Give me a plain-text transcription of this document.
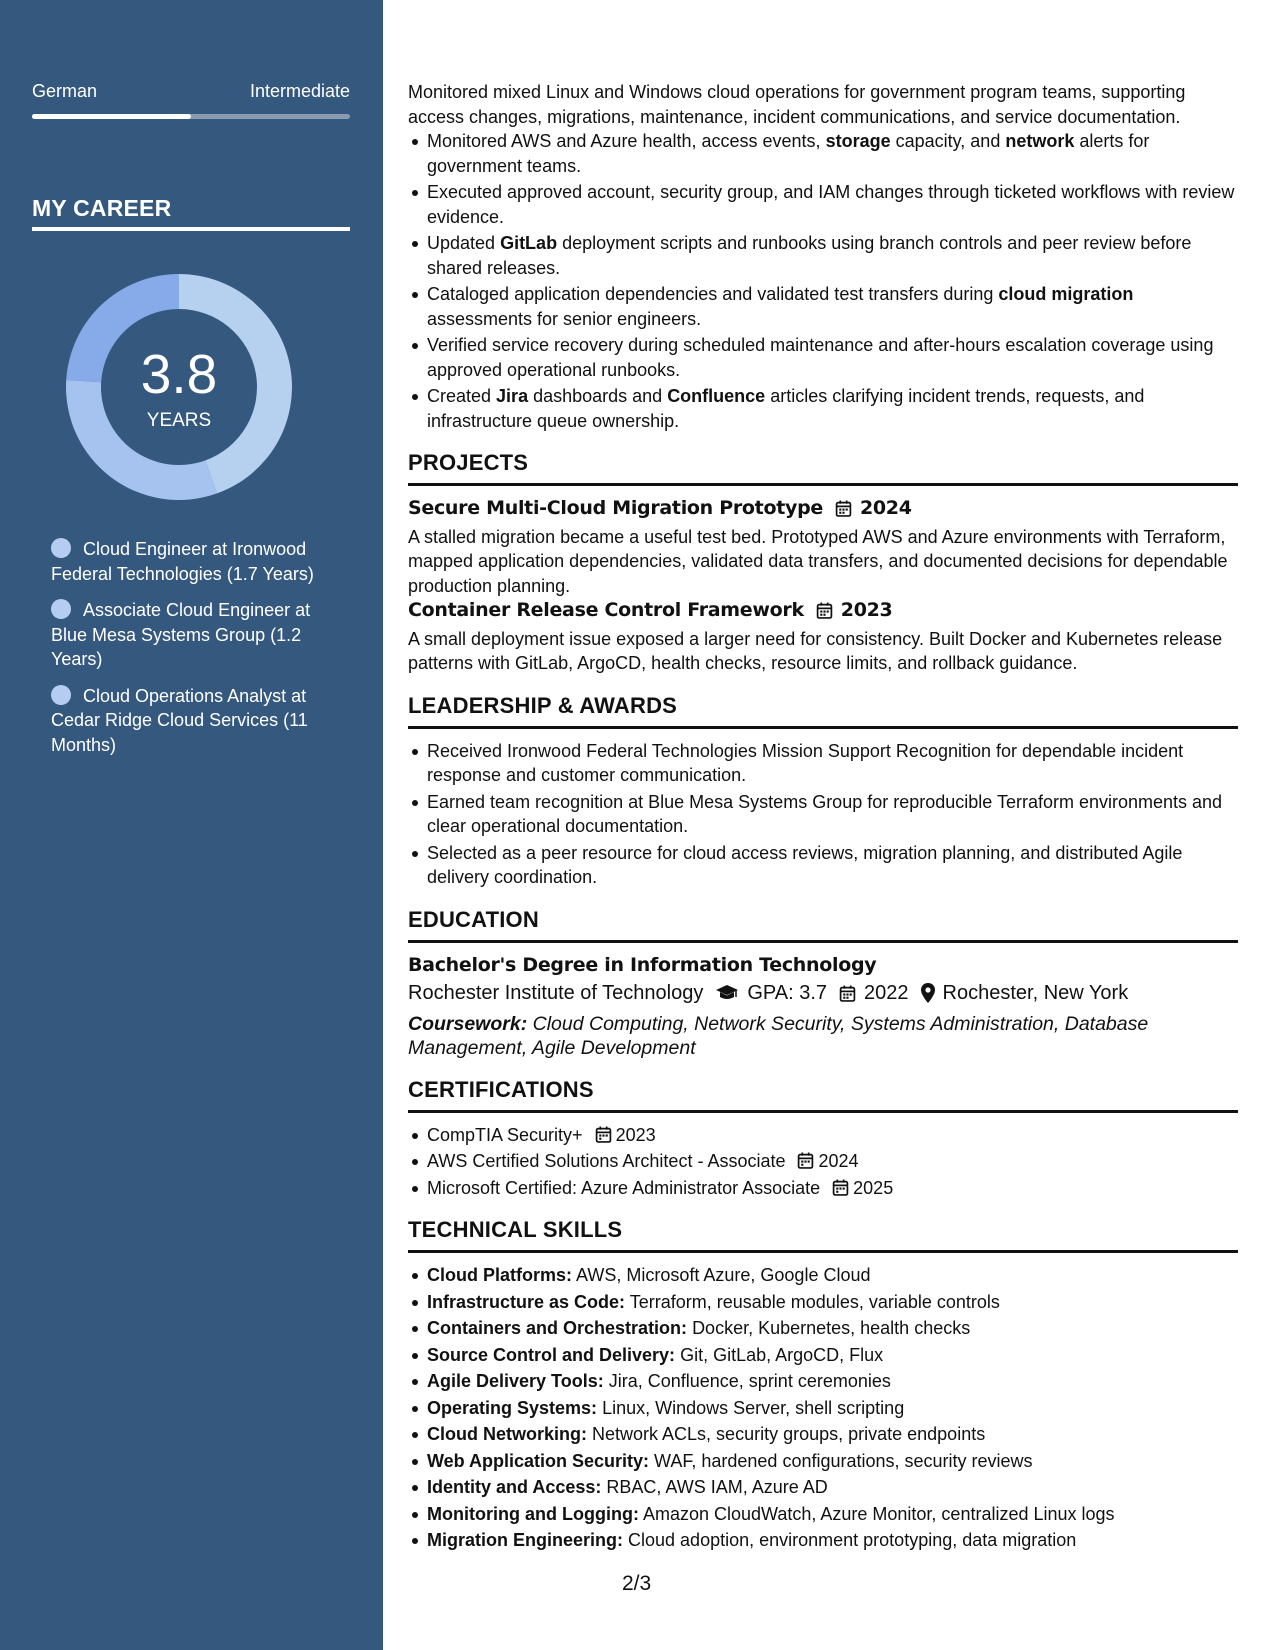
German	Intermediate
MY CAREER
3.8
YEARS
Cloud Engineer at Ironwood Federal Technologies (1.7 Years)
Associate Cloud Engineer at Blue Mesa Systems Group (1.2 Years)
Cloud Operations Analyst at Cedar Ridge Cloud Services (11 Months)

Monitored mixed Linux and Windows cloud operations for government program teams, supporting access changes, migrations, maintenance, incident communications, and service documentation.

Monitored AWS and Azure health, access events, storage capacity, and network alerts for government teams.
Executed approved account, security group, and IAM changes through ticketed workflows with review evidence.
Updated GitLab deployment scripts and runbooks using branch controls and peer review before shared releases.
Cataloged application dependencies and validated test transfers during cloud migration assessments for senior engineers.
Verified service recovery during scheduled maintenance and after-hours escalation coverage using approved operational runbooks.
Created Jira dashboards and Confluence articles clarifying incident trends, requests, and infrastructure queue ownership.
PROJECTS
Secure Multi-Cloud Migration Prototype 2024

A stalled migration became a useful test bed. Prototyped AWS and Azure environments with Terraform, mapped application dependencies, validated data transfers, and documented decisions for dependable production planning.

Container Release Control Framework 2023

A small deployment issue exposed a larger need for consistency. Built Docker and Kubernetes release patterns with GitLab, ArgoCD, health checks, resource limits, and rollback guidance.

LEADERSHIP & AWARDS
Received Ironwood Federal Technologies Mission Support Recognition for dependable incident response and customer communication.
Earned team recognition at Blue Mesa Systems Group for reproducible Terraform environments and clear operational documentation.
Selected as a peer resource for cloud access reviews, migration planning, and distributed Agile delivery coordination.
EDUCATION
Bachelor's Degree in Information Technology
Rochester Institute of Technology GPA: 3.7 2022 Rochester, New York
Coursework: Cloud Computing, Network Security, Systems Administration, Database Management, Agile Development
CERTIFICATIONS
CompTIA Security+ 2023
AWS Certified Solutions Architect - Associate 2024
Microsoft Certified: Azure Administrator Associate 2025
TECHNICAL SKILLS
Cloud Platforms: AWS, Microsoft Azure, Google Cloud
Infrastructure as Code: Terraform, reusable modules, variable controls
Containers and Orchestration: Docker, Kubernetes, health checks
Source Control and Delivery: Git, GitLab, ArgoCD, Flux
Agile Delivery Tools: Jira, Confluence, sprint ceremonies
Operating Systems: Linux, Windows Server, shell scripting
Cloud Networking: Network ACLs, security groups, private endpoints
Web Application Security: WAF, hardened configurations, security reviews
Identity and Access: RBAC, AWS IAM, Azure AD
Monitoring and Logging: Amazon CloudWatch, Azure Monitor, centralized Linux logs
Migration Engineering: Cloud adoption, environment prototyping, data migration
2/3
